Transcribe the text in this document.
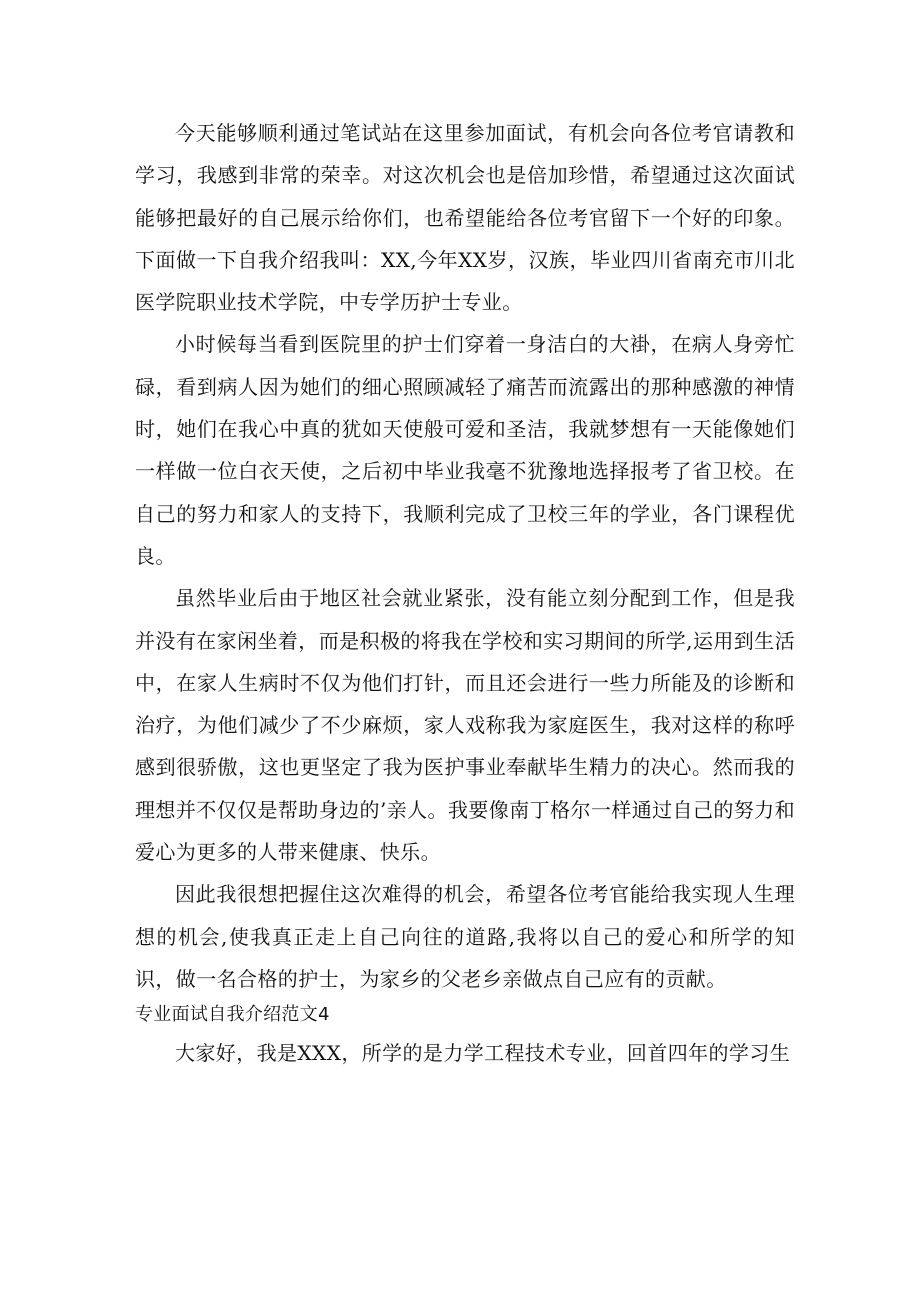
今天能够顺利通过笔试站在这里参加面试，有机会向各位考官请教和学习，我感到非常的荣幸。对这次机会也是倍加珍惜，希望通过这次面试能够把最好的自己展示给你们，也希望能给各位考官留下一个好的印象。下面做一下自我介绍我叫：XX,今年XX岁，汉族，毕业四川省南充市川北医学院职业技术学院，中专学历护士专业。

小时候每当看到医院里的护士们穿着一身洁白的大褂，在病人身旁忙碌，看到病人因为她们的细心照顾减轻了痛苦而流露出的那种感激的神情时，她们在我心中真的犹如天使般可爱和圣洁，我就梦想有一天能像她们一样做一位白衣天使，之后初中毕业我毫不犹豫地选择报考了省卫校。在自己的努力和家人的支持下，我顺利完成了卫校三年的学业，各门课程优良。

虽然毕业后由于地区社会就业紧张，没有能立刻分配到工作，但是我并没有在家闲坐着，而是积极的将我在学校和实习期间的所学,运用到生活中，在家人生病时不仅为他们打针，而且还会进行一些力所能及的诊断和治疗，为他们减少了不少麻烦，家人戏称我为家庭医生，我对这样的称呼感到很骄傲，这也更坚定了我为医护事业奉献毕生精力的决心。然而我的理想并不仅仅是帮助身边的’亲人。我要像南丁格尔一样通过自己的努力和爱心为更多的人带来健康、快乐。

因此我很想把握住这次难得的机会，希望各位考官能给我实现人生理想的机会,使我真正走上自己向往的道路,我将以自己的爱心和所学的知识，做一名合格的护士，为家乡的父老乡亲做点自己应有的贡献。

专业面试自我介绍范文4

大家好，我是XXX，所学的是力学工程技术专业，回首四年的学习生
